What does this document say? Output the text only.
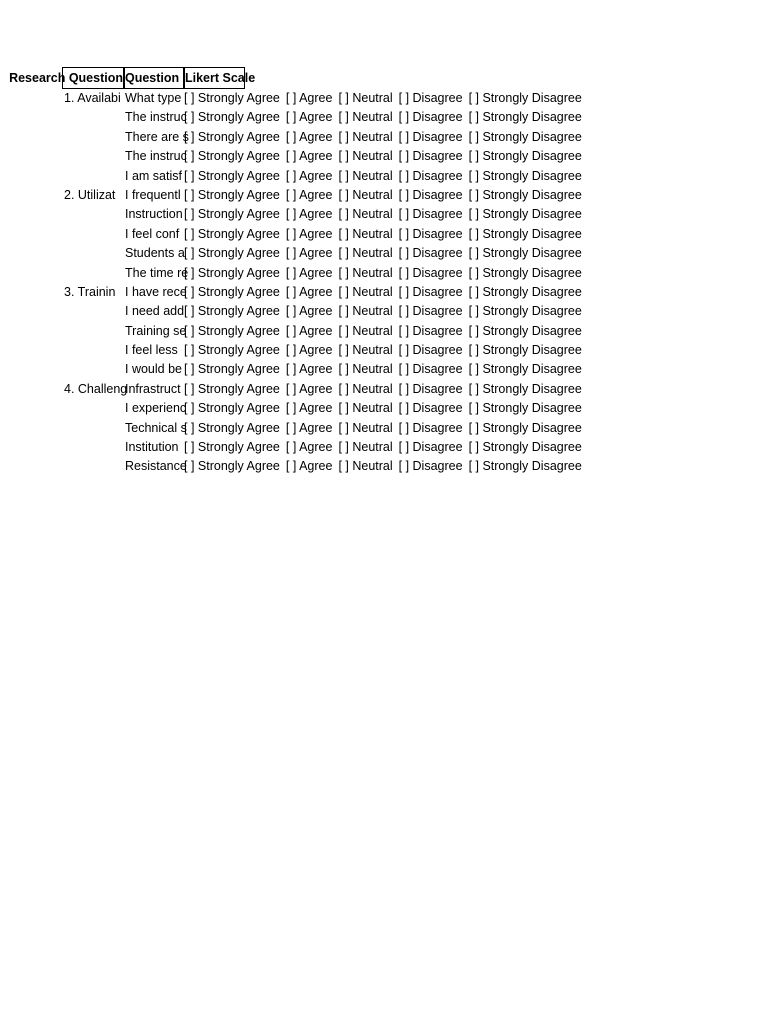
Research Question Question Likert Scale
1. Availabi What type [ ] Strongly Agree [ ] Agree [ ] Neutral [ ] Disagree [ ] Strongly Disagree
The instruc
[ ] Strongly Agree [ ] Agree [ ] Neutral [ ] Disagree [ ] Strongly Disagree
There are s
[ ] Strongly Agree [ ] Agree [ ] Neutral [ ] Disagree [ ] Strongly Disagree
The instruc
[ ] Strongly Agree [ ] Agree [ ] Neutral [ ] Disagree [ ] Strongly Disagree
I am satisf [ ] Strongly Agree [ ] Agree [ ] Neutral [ ] Disagree [ ] Strongly Disagree
2. Utilizat I frequentl [ ] Strongly Agree [ ] Agree [ ] Neutral [ ] Disagree [ ] Strongly Disagree
Instruction [ ] Strongly Agree [ ] Agree [ ] Neutral [ ] Disagree [ ] Strongly Disagree
I feel conf [ ] Strongly Agree [ ] Agree [ ] Neutral [ ] Disagree [ ] Strongly Disagree
Students a [ ] Strongly Agree [ ] Agree [ ] Neutral [ ] Disagree [ ] Strongly Disagree
The time re
[ ] Strongly Agree [ ] Agree [ ] Neutral [ ] Disagree [ ] Strongly Disagree
3. Trainin I have rece
[ ] Strongly Agree [ ] Agree [ ] Neutral [ ] Disagree [ ] Strongly Disagree
I need add [ ] Strongly Agree [ ] Agree [ ] Neutral [ ] Disagree [ ] Strongly Disagree
Training se
[ ] Strongly Agree [ ] Agree [ ] Neutral [ ] Disagree [ ] Strongly Disagree
I feel less [ ] Strongly Agree [ ] Agree [ ] Neutral [ ] Disagree [ ] Strongly Disagree
I would be [ ] Strongly Agree [ ] Agree [ ] Neutral [ ] Disagree [ ] Strongly Disagree
4. Challeng
Infrastruct [ ] Strongly Agree [ ] Agree [ ] Neutral [ ] Disagree [ ] Strongly Disagree
I experienc
[ ] Strongly Agree [ ] Agree [ ] Neutral [ ] Disagree [ ] Strongly Disagree
Technical s
[ ] Strongly Agree [ ] Agree [ ] Neutral [ ] Disagree [ ] Strongly Disagree
Institution [ ] Strongly Agree [ ] Agree [ ] Neutral [ ] Disagree [ ] Strongly Disagree
Resistance
[ ] Strongly Agree [ ] Agree [ ] Neutral [ ] Disagree [ ] Strongly Disagree
